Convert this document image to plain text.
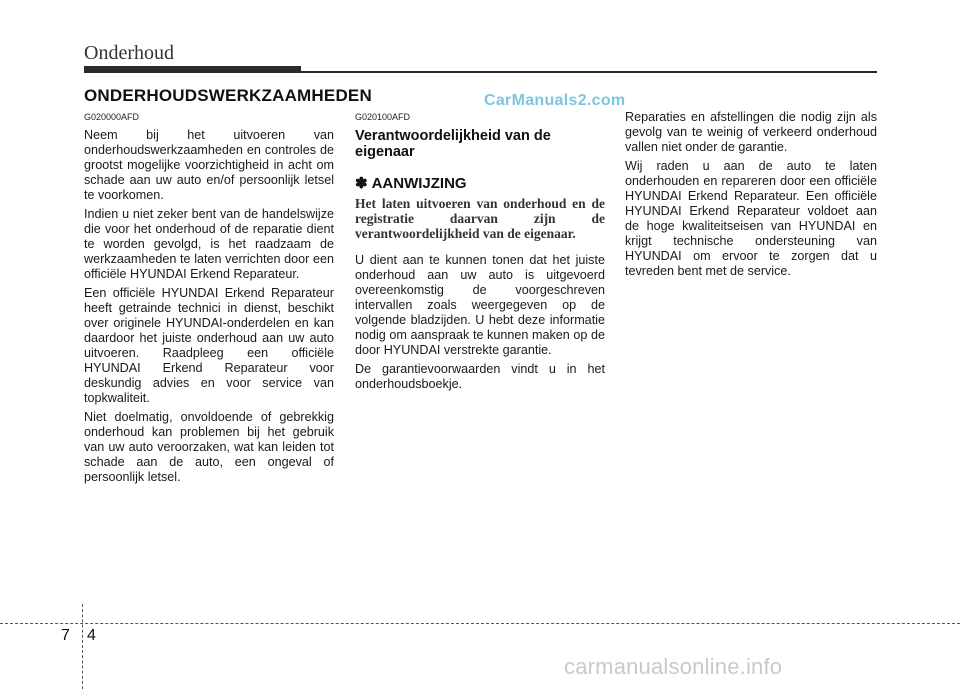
Onderhoud
ONDERHOUDSWERKZAAMHEDEN	CarManuals2.com

G020000AFD

Neem bij het uitvoeren van onderhoudswerkzaamheden en controles de grootst mogelijke voorzichtigheid in acht om schade aan uw auto en/of persoonlijk letsel te voorkomen.

Indien u niet zeker bent van de handelswijze die voor het onderhoud of de reparatie dient te worden gevolgd, is het raadzaam de werkzaamheden te laten verrichten door een officiële HYUNDAI Erkend Reparateur.

Een officiële HYUNDAI Erkend Reparateur heeft getrainde technici in dienst, beschikt over originele HYUNDAI-onderdelen en kan daardoor het juiste onderhoud aan uw auto uitvoeren. Raadpleeg een officiële HYUNDAI Erkend Reparateur voor deskundig advies en voor service van topkwaliteit.

Niet doelmatig, onvoldoende of gebrekkig onderhoud kan problemen bij het gebruik van uw auto veroorzaken, wat kan leiden tot schade aan de auto, een ongeval of persoonlijk letsel.

G020100AFD

Verantwoordelijkheid van de eigenaar

✽ AANWIJZING

Het laten uitvoeren van onderhoud en de registratie daarvan zijn de verantwoordelijkheid van de eigenaar.

U dient aan te kunnen tonen dat het juiste onderhoud aan uw auto is uitgevoerd overeenkomstig de voorgeschreven intervallen zoals weergegeven op de volgende bladzijden. U hebt deze informatie nodig om aanspraak te kunnen maken op de door HYUNDAI verstrekte garantie.

De garantievoorwaarden vindt u in het onderhoudsboekje.

Reparaties en afstellingen die nodig zijn als gevolg van te weinig of verkeerd onderhoud vallen niet onder de garantie.

Wij raden u aan de auto te laten onderhouden en repareren door een officiële HYUNDAI Erkend Reparateur. Een officiële HYUNDAI Erkend Reparateur voldoet aan de hoge kwaliteitseisen van HYUNDAI en krijgt technische ondersteuning van HYUNDAI om ervoor te zorgen dat u tevreden bent met de service.

7 4
carmanualsonline.info
